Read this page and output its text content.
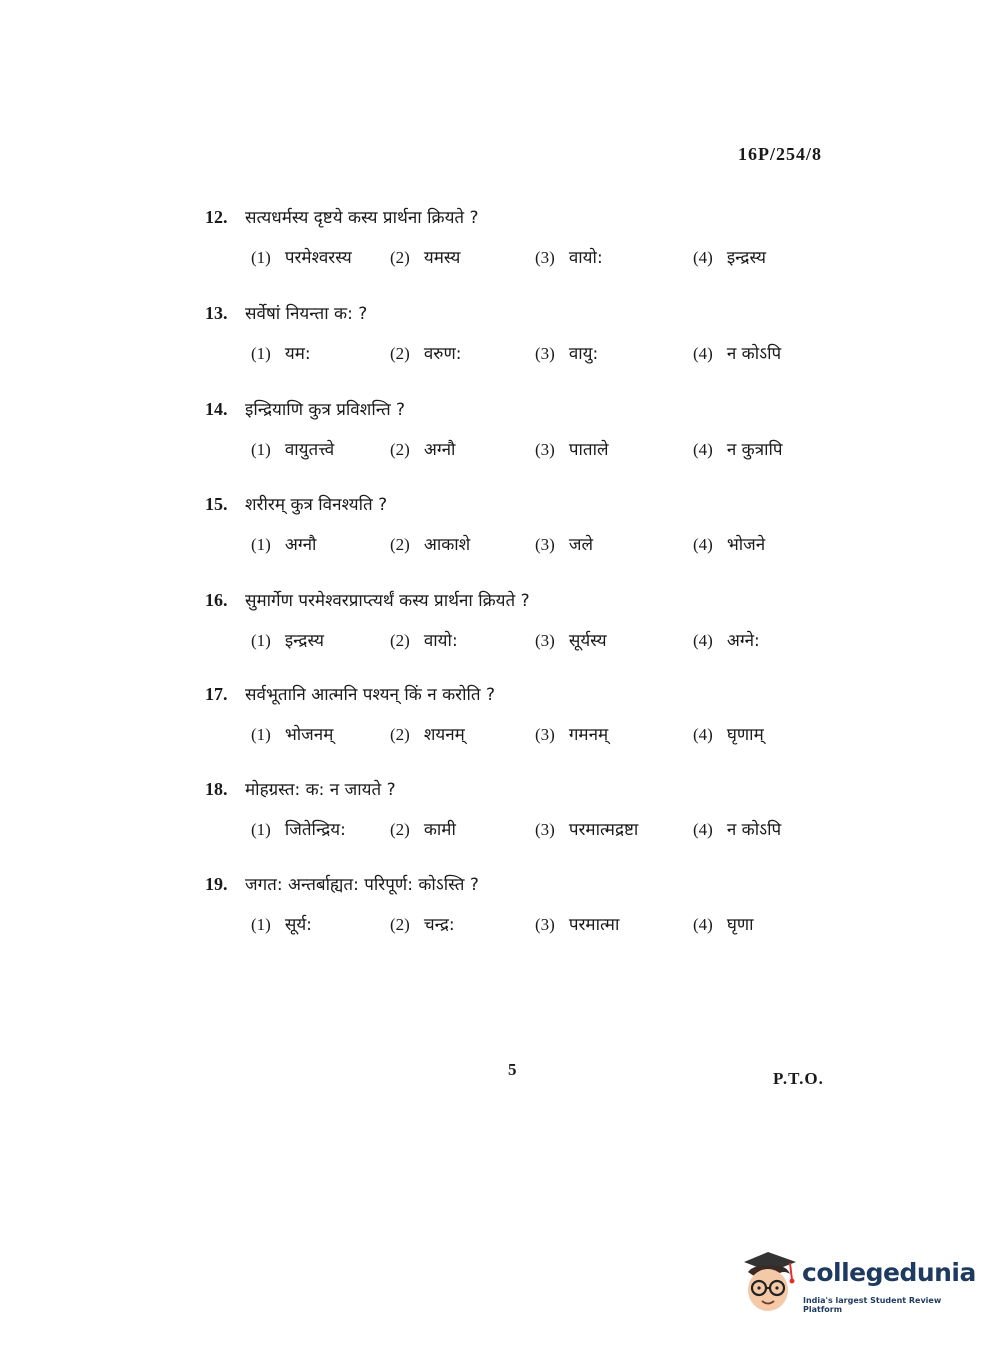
16P/254/8
12. सत्यधर्मस्य दृष्टये कस्य प्रार्थना क्रियते ?
(1) परमेश्वरस्य (2) यमस्य	(3) वायो:	(4) इन्द्रस्य
13. सर्वेषां नियन्ता क: ?
(1) यम:	(2) वरुण:	(3) वायु:	(4) न कोऽपि
14. इन्द्रियाणि कुत्र प्रविशन्ति ?
(1) वायुतत्त्वे	(2) अग्नौ	(3) पाताले	(4) न कुत्रापि
15. शरीरम् कुत्र विनश्यति ?
(1) अग्नौ	(2) आकाशे	(3) जले	(4) भोजने
16. सुमार्गेण परमेश्वरप्राप्त्यर्थं कस्य प्रार्थना क्रियते ?
(1) इन्द्रस्य	(2) वायो:	(3) सूर्यस्य	(4) अग्ने:
17. सर्वभूतानि आत्मनि पश्यन् किं न करोति ?
(1) भोजनम्	(2) शयनम्	(3) गमनम्	(4) घृणाम्
18. मोहग्रस्त: क: न जायते ?
(1) जितेन्द्रिय:	(2) कामी	(3) परमात्मद्रष्टा	(4) न कोऽपि
19. जगत: अन्तर्बाह्यत: परिपूर्ण: कोऽस्ति ?
(1) सूर्य:	(2) चन्द्र:	(3) परमात्मा	(4) घृणा
5	P.T.O.
collegedunia
India's largest Student Review Platform
